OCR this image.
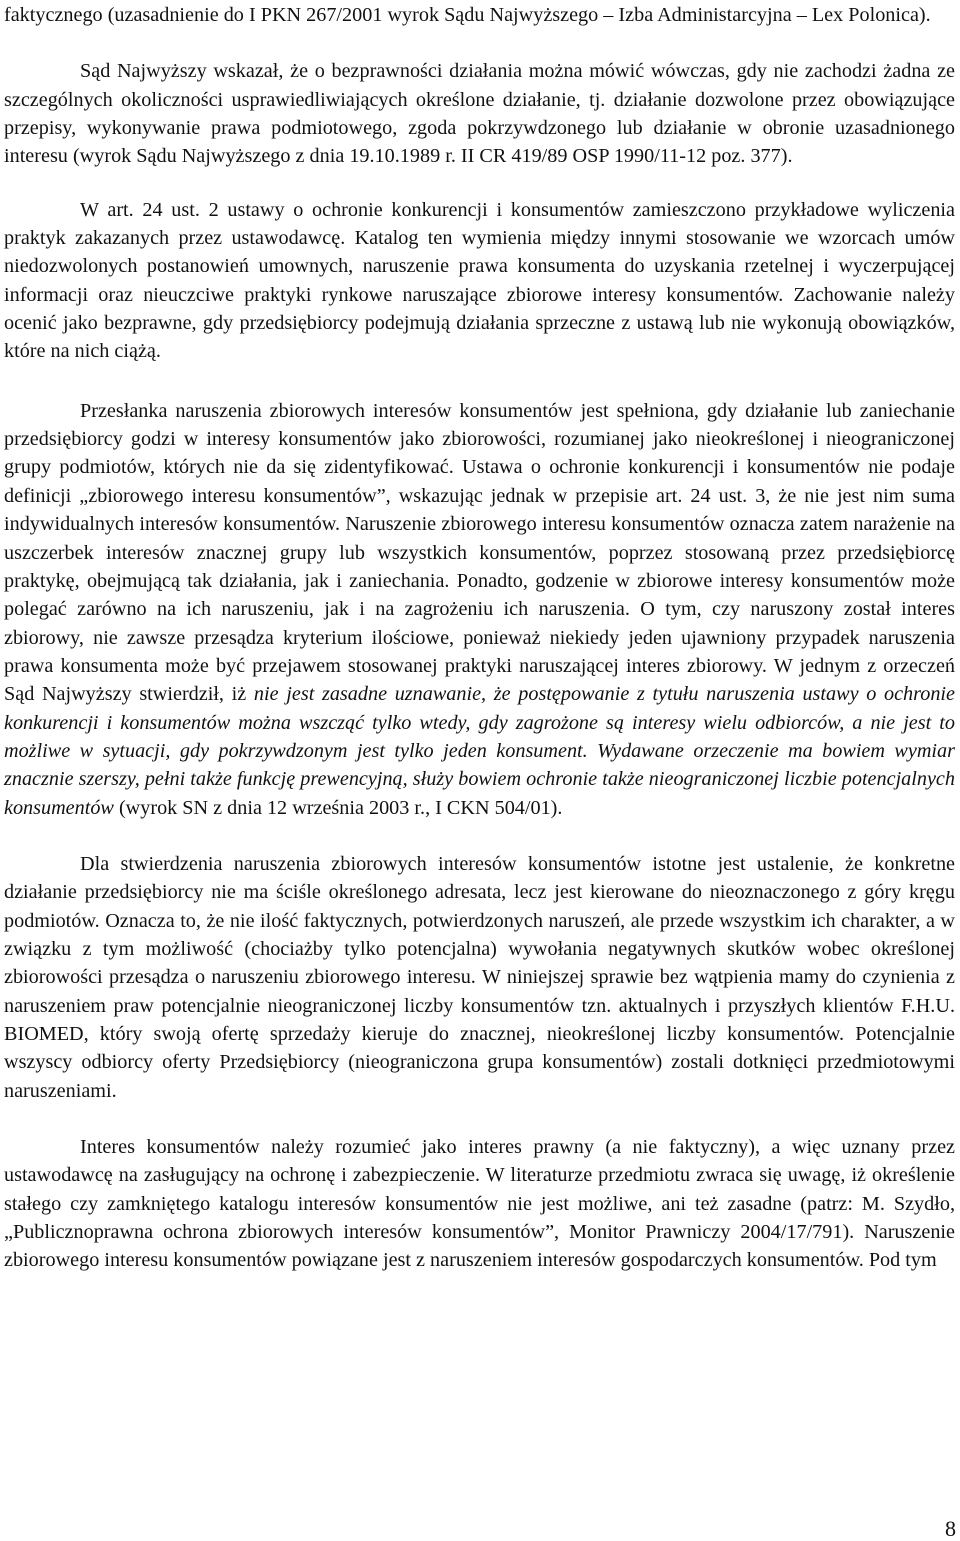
faktycznego (uzasadnienie do I PKN 267/2001 wyrok Sądu Najwyższego – Izba Administarcyjna – Lex Polonica).

Sąd Najwyższy wskazał, że o bezprawności działania można mówić wówczas, gdy nie zachodzi żadna ze szczególnych okoliczności usprawiedliwiających określone działanie, tj. działanie dozwolone przez obowiązujące przepisy, wykonywanie prawa podmiotowego, zgoda pokrzywdzonego lub działanie w obronie uzasadnionego interesu (wyrok Sądu Najwyższego z dnia 19.10.1989 r. II CR 419/89 OSP 1990/11-12 poz. 377).

W art. 24 ust. 2 ustawy o ochronie konkurencji i konsumentów zamieszczono przykładowe wyliczenia praktyk zakazanych przez ustawodawcę. Katalog ten wymienia między innymi stosowanie we wzorcach umów niedozwolonych postanowień umownych, naruszenie prawa konsumenta do uzyskania rzetelnej i wyczerpującej informacji oraz nieuczciwe praktyki rynkowe naruszające zbiorowe interesy konsumentów. Zachowanie należy ocenić jako bezprawne, gdy przedsiębiorcy podejmują działania sprzeczne z ustawą lub nie wykonują obowiązków, które na nich ciążą.

Przesłanka naruszenia zbiorowych interesów konsumentów jest spełniona, gdy działanie lub zaniechanie przedsiębiorcy godzi w interesy konsumentów jako zbiorowości, rozumianej jako nieokreślonej i nieograniczonej grupy podmiotów, których nie da się zidentyfikować. Ustawa o ochronie konkurencji i konsumentów nie podaje definicji „zbiorowego interesu konsumentów”, wskazując jednak w przepisie art. 24 ust. 3, że nie jest nim suma indywidualnych interesów konsumentów. Naruszenie zbiorowego interesu konsumentów oznacza zatem narażenie na uszczerbek interesów znacznej grupy lub wszystkich konsumentów, poprzez stosowaną przez przedsiębiorcę praktykę, obejmującą tak działania, jak i zaniechania. Ponadto, godzenie w zbiorowe interesy konsumentów może polegać zarówno na ich naruszeniu, jak i na zagrożeniu ich naruszenia. O tym, czy naruszony został interes zbiorowy, nie zawsze przesądza kryterium ilościowe, ponieważ niekiedy jeden ujawniony przypadek naruszenia prawa konsumenta może być przejawem stosowanej praktyki naruszającej interes zbiorowy. W jednym z orzeczeń Sąd Najwyższy stwierdził, iż nie jest zasadne uznawanie, że postępowanie z tytułu naruszenia ustawy o ochronie konkurencji i konsumentów można wszcząć tylko wtedy, gdy zagrożone są interesy wielu odbiorców, a nie jest to możliwe w sytuacji, gdy pokrzywdzonym jest tylko jeden konsument. Wydawane orzeczenie ma bowiem wymiar znacznie szerszy, pełni także funkcję prewencyjną, służy bowiem ochronie także nieograniczonej liczbie potencjalnych konsumentów (wyrok SN z dnia 12 września 2003 r., I CKN 504/01).

Dla stwierdzenia naruszenia zbiorowych interesów konsumentów istotne jest ustalenie, że konkretne działanie przedsiębiorcy nie ma ściśle określonego adresata, lecz jest kierowane do nieoznaczonego z góry kręgu podmiotów. Oznacza to, że nie ilość faktycznych, potwierdzonych naruszeń, ale przede wszystkim ich charakter, a w związku z tym możliwość (chociażby tylko potencjalna) wywołania negatywnych skutków wobec określonej zbiorowości przesądza o naruszeniu zbiorowego interesu. W niniejszej sprawie bez wątpienia mamy do czynienia z naruszeniem praw potencjalnie nieograniczonej liczby konsumentów tzn. aktualnych i przyszłych klientów F.H.U. BIOMED, który swoją ofertę sprzedaży kieruje do znacznej, nieokreślonej liczby konsumentów. Potencjalnie wszyscy odbiorcy oferty Przedsiębiorcy (nieograniczona grupa konsumentów) zostali dotknięci przedmiotowymi naruszeniami.

Interes konsumentów należy rozumieć jako interes prawny (a nie faktyczny), a więc uznany przez ustawodawcę na zasługujący na ochronę i zabezpieczenie. W literaturze przedmiotu zwraca się uwagę, iż określenie stałego czy zamkniętego katalogu interesów konsumentów nie jest możliwe, ani też zasadne (patrz: M. Szydło, „Publicznoprawna ochrona zbiorowych interesów konsumentów”, Monitor Prawniczy 2004/17/791). Naruszenie zbiorowego interesu konsumentów powiązane jest z naruszeniem interesów gospodarczych konsumentów. Pod tym

8
